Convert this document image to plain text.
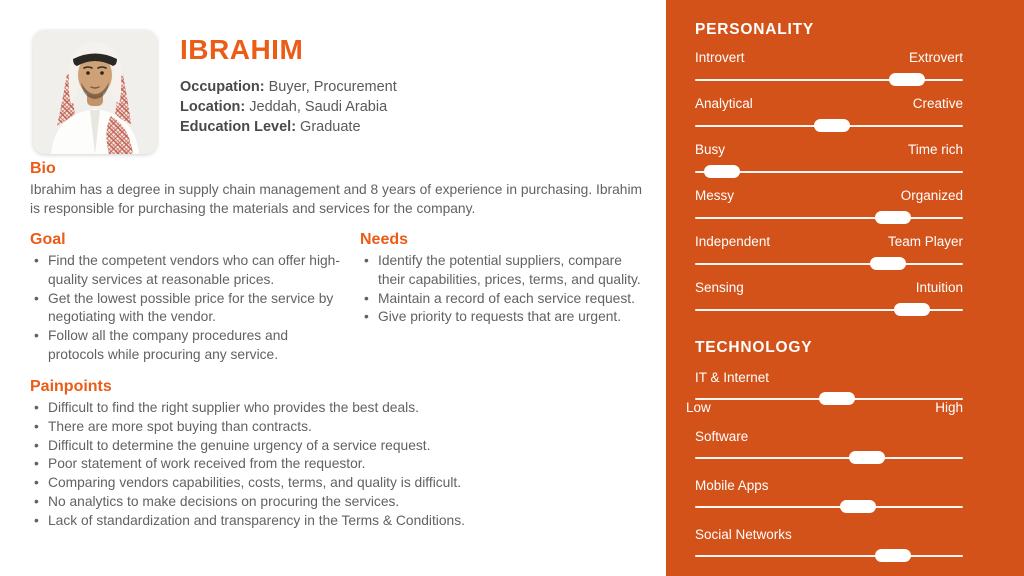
IBRAHIM
Occupation: Buyer, Procurement
Location: Jeddah, Saudi Arabia
Education Level: Graduate
Bio
Ibrahim has a degree in supply chain management and 8 years of experience in purchasing. Ibrahim is responsible for purchasing the materials and services for the company.
Goal
• Find the competent vendors who can offer high-quality services at reasonable prices.
• Get the lowest possible price for the service by negotiating with the vendor.
• Follow all the company procedures and protocols while procuring any service.
Needs
• Identify the potential suppliers, compare their capabilities, prices, terms, and quality.
• Maintain a record of each service request.
• Give priority to requests that are urgent.
Painpoints
• Difficult to find the right supplier who provides the best deals.
• There are more spot buying than contracts.
• Difficult to determine the genuine urgency of a service request.
• Poor statement of work received from the requestor.
• Comparing vendors capabilities, costs, terms, and quality is difficult.
• No analytics to make decisions on procuring the services.
• Lack of standardization and transparency in the Terms & Conditions.
PERSONALITY
Introvert	Extrovert
Analytical	Creative
Busy	Time rich
Messy	Organized
Independent	Team Player
Sensing	Intuition
TECHNOLOGY
IT & Internet
Low	High
Software
Mobile Apps
Social Networks
